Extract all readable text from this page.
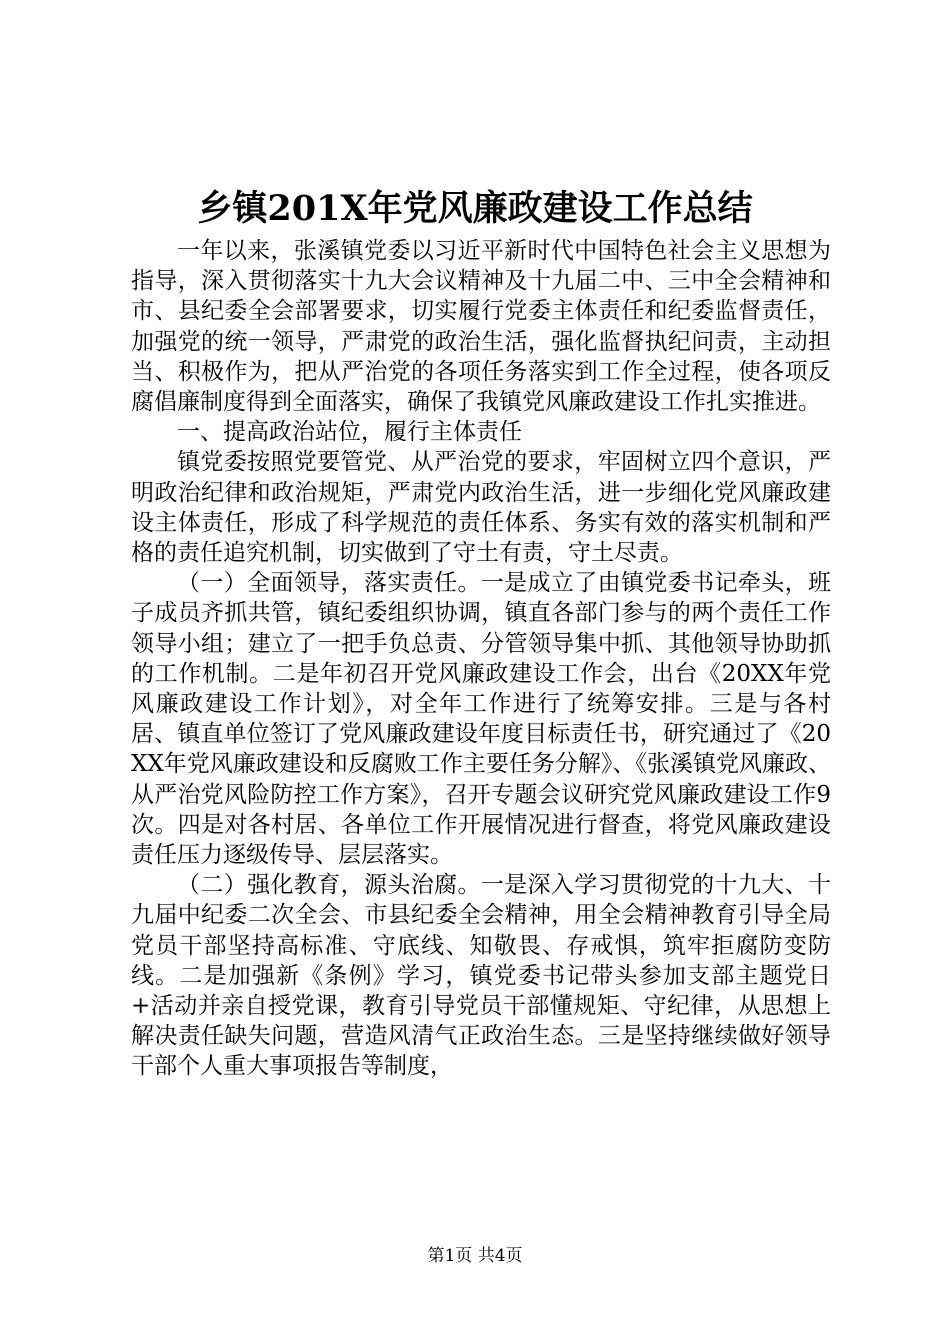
乡镇201X年党风廉政建设工作总结

一年以来，张溪镇党委以习近平新时代中国特色社会主义思想为指导，深入贯彻落实十九大会议精神及十九届二中、三中全会精神和市、县纪委全会部署要求，切实履行党委主体责任和纪委监督责任，加强党的统一领导，严肃党的政治生活，强化监督执纪问责，主动担当、积极作为，把从严治党的各项任务落实到工作全过程，使各项反腐倡廉制度得到全面落实，确保了我镇党风廉政建设工作扎实推进。

一、提高政治站位，履行主体责任

镇党委按照党要管党、从严治党的要求，牢固树立四个意识，严明政治纪律和政治规矩，严肃党内政治生活，进一步细化党风廉政建设主体责任，形成了科学规范的责任体系、务实有效的落实机制和严格的责任追究机制，切实做到了守土有责，守土尽责。

（一）全面领导，落实责任。一是成立了由镇党委书记牵头，班子成员齐抓共管，镇纪委组织协调，镇直各部门参与的两个责任工作领导小组；建立了一把手负总责、分管领导集中抓、其他领导协助抓的工作机制。二是年初召开党风廉政建设工作会，出台《20XX年党风廉政建设工作计划》，对全年工作进行了统筹安排。三是与各村居、镇直单位签订了党风廉政建设年度目标责任书，研究通过了《20XX年党风廉政建设和反腐败工作主要任务分解》、《张溪镇党风廉政、从严治党风险防控工作方案》，召开专题会议研究党风廉政建设工作9次。四是对各村居、各单位工作开展情况进行督查，将党风廉政建设责任压力逐级传导、层层落实。

（二）强化教育，源头治腐。一是深入学习贯彻党的十九大、十九届中纪委二次全会、市县纪委全会精神，用全会精神教育引导全局党员干部坚持高标准、守底线、知敬畏、存戒惧，筑牢拒腐防变防线。二是加强新《条例》学习，镇党委书记带头参加支部主题党日+活动并亲自授党课，教育引导党员干部懂规矩、守纪律，从思想上解决责任缺失问题，营造风清气正政治生态。三是坚持继续做好领导干部个人重大事项报告等制度，

第1页 共4页
